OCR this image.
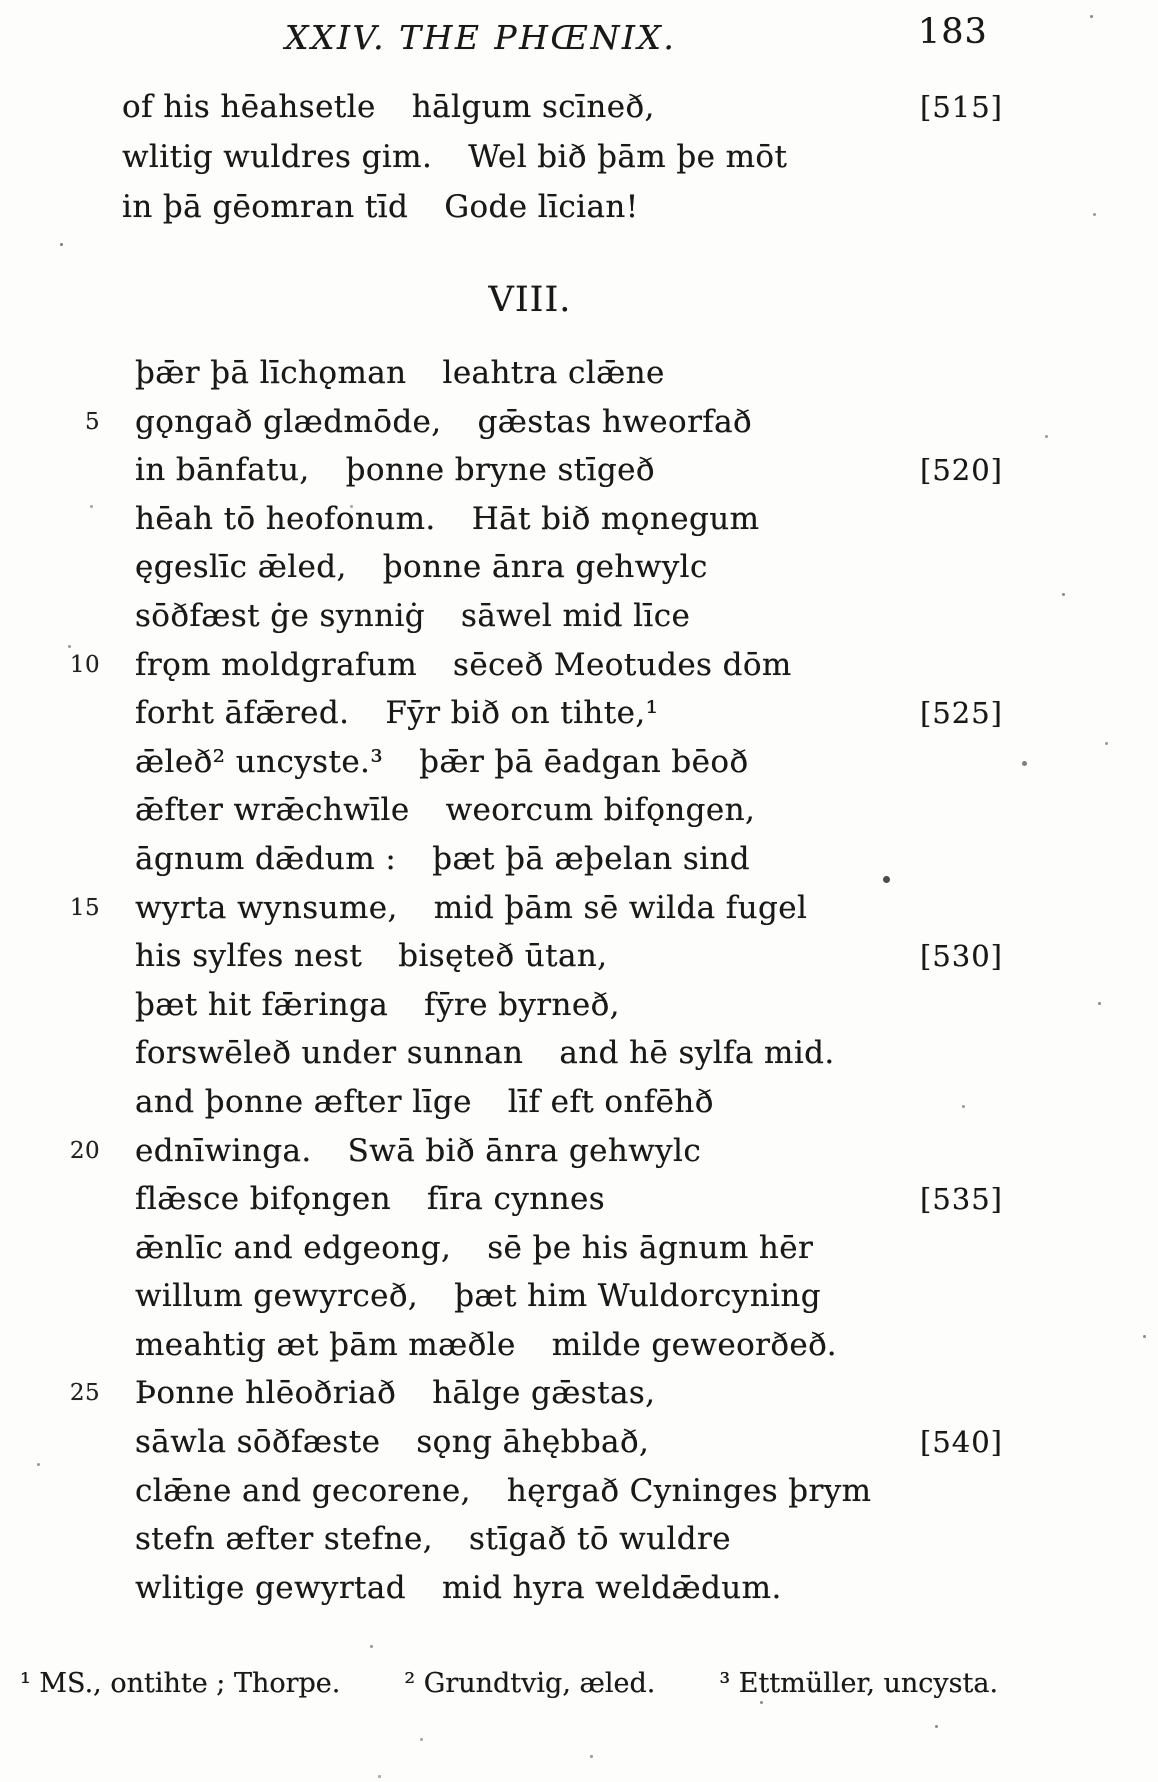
XXIV. THE PHŒNIX.	183
of his hēahsetle hālgum scīneð,	[515]
wlitig wuldres gim. Wel bið þām þe mōt
in þā gēomran tīd Gode līcian!
VIII.
þǣr þā līchǫman leahtra clǣne
5 gǫngað glædmōde, gǣstas hweorfað
in bānfatu, þonne bryne stīgeð	[520]
hēah tō heofonum. Hāt bið mǫnegum
ęgeslīc ǣled, þonne ānra gehwylc
sōðfæst ġe synniġ sāwel mid līce
10 frǫm moldgrafum sēceð Meotudes dōm
forht āfǣred. Fȳr bið on tihte,¹	[525]
ǣleð² uncyste.³ þǣr þā ēadgan bēoð
ǣfter wrǣchwīle weorcum bifǫngen,
āgnum dǣdum : þæt þā æþelan sind
15 wyrta wynsume, mid þām sē wilda fugel
his sylfes nest bisęteð ūtan,	[530]
þæt hit fǣringa fȳre byrneð,
forswēleð under sunnan and hē sylfa mid.
and þonne æfter līge līf eft onfēhð
20 ednīwinga. Swā bið ānra gehwylc
flǣsce bifǫngen fīra cynnes	[535]
ǣnlīc and edgeong, sē þe his āgnum hēr
willum gewyrceð, þæt him Wuldorcyning
meahtig æt þām mæðle milde geweorðeð.
25 Þonne hlēoðriað hālge gǣstas,
sāwla sōðfæste sǫng āhębbað,	[540]
clǣne and gecorene, hęrgað Cyninges þrym
stefn æfter stefne, stīgað tō wuldre
wlitige gewyrtad mid hyra weldǣdum.
¹ MS., ontihte ; Thorpe. ² Grundtvig, æled. ³ Ettmüller, uncysta.
